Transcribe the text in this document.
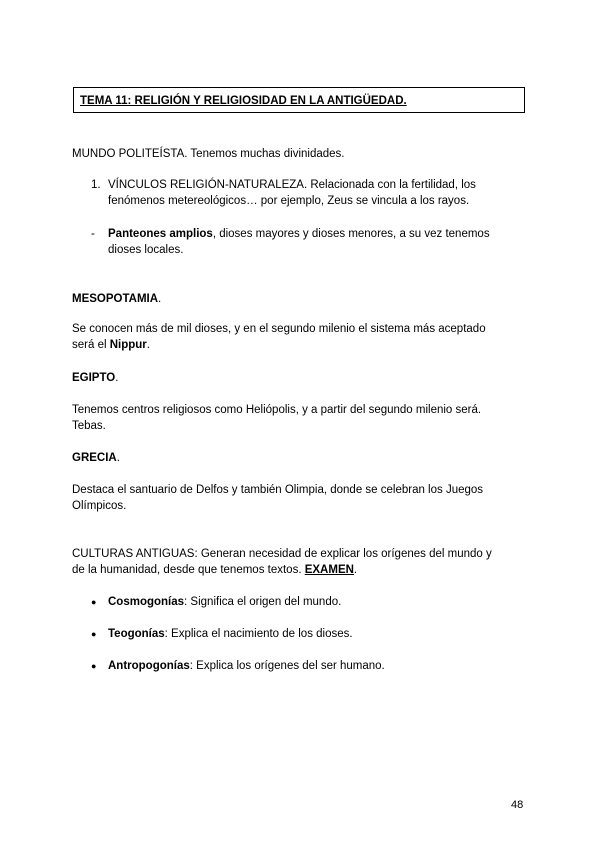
TEMA 11: RELIGIÓN Y RELIGIOSIDAD EN LA ANTIGÜEDAD.
MUNDO POLITEÍSTA. Tenemos muchas divinidades.
1. VÍNCULOS RELIGIÓN-NATURALEZA. Relacionada con la fertilidad, los
fenómenos metereológicos… por ejemplo, Zeus se vincula a los rayos.
- Panteones amplios, dioses mayores y dioses menores, a su vez tenemos
dioses locales.
MESOPOTAMIA.
Se conocen más de mil dioses, y en el segundo milenio el sistema más aceptado
será el Nippur.
EGIPTO.
Tenemos centros religiosos como Heliópolis, y a partir del segundo milenio será.
Tebas.
GRECIA.
Destaca el santuario de Delfos y también Olimpia, donde se celebran los Juegos
Olímpicos.
CULTURAS ANTIGUAS: Generan necesidad de explicar los orígenes del mundo y
de la humanidad, desde que tenemos textos. EXAMEN.
● Cosmogonías: Significa el origen del mundo.
● Teogonías: Explica el nacimiento de los dioses.
● Antropogonías: Explica los orígenes del ser humano.
48
